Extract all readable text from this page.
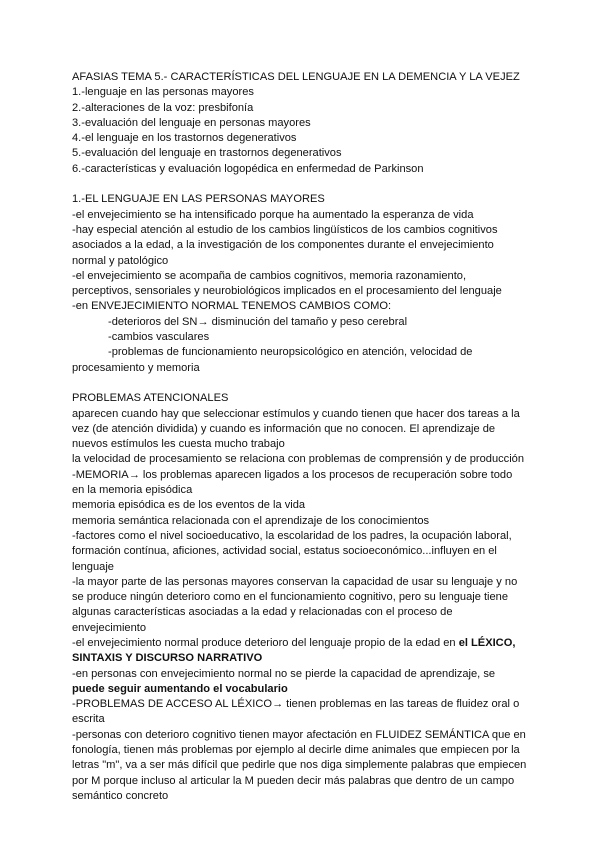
AFASIAS TEMA 5.- CARACTERÍSTICAS DEL LENGUAJE EN LA DEMENCIA Y LA VEJEZ
1.-lenguaje en las personas mayores
2.-alteraciones de la voz: presbifonía
3.-evaluación del lenguaje en personas mayores
4.-el lenguaje en los trastornos degenerativos
5.-evaluación del lenguaje en trastornos degenerativos
6.-características y evaluación logopédica en enfermedad de Parkinson
1.-EL LENGUAJE EN LAS PERSONAS MAYORES
-el envejecimiento se ha intensificado porque ha aumentado la esperanza de vida
-hay especial atención al estudio de los cambios lingüísticos de los cambios cognitivos
asociados a la edad, a la investigación de los componentes durante el envejecimiento
normal y patológico
-el envejecimiento se acompaña de cambios cognitivos, memoria razonamiento,
perceptivos, sensoriales y neurobiológicos implicados en el procesamiento del lenguaje
-en ENVEJECIMIENTO NORMAL TENEMOS CAMBIOS COMO:
-deterioros del SN→ disminución del tamaño y peso cerebral
-cambios vasculares
-problemas de funcionamiento neuropsicológico en atención, velocidad de
procesamiento y memoria
PROBLEMAS ATENCIONALES
aparecen cuando hay que seleccionar estímulos y cuando tienen que hacer dos tareas a la
vez (de atención dividida) y cuando es información que no conocen. El aprendizaje de
nuevos estímulos les cuesta mucho trabajo
la velocidad de procesamiento se relaciona con problemas de comprensión y de producción
-MEMORIA→ los problemas aparecen ligados a los procesos de recuperación sobre todo
en la memoria episódica
memoria episódica es de los eventos de la vida
memoria semántica relacionada con el aprendizaje de los conocimientos
-factores como el nivel socioeducativo, la escolaridad de los padres, la ocupación laboral,
formación contínua, aficiones, actividad social, estatus socioeconómico...influyen en el
lenguaje
-la mayor parte de las personas mayores conservan la capacidad de usar su lenguaje y no
se produce ningún deterioro como en el funcionamiento cognitivo, pero su lenguaje tiene
algunas características asociadas a la edad y relacionadas con el proceso de
envejecimiento
-el envejecimiento normal produce deterioro del lenguaje propio de la edad en el LÉXICO,
SINTAXIS Y DISCURSO NARRATIVO
-en personas con envejecimiento normal no se pierde la capacidad de aprendizaje, se
puede seguir aumentando el vocabulario
-PROBLEMAS DE ACCESO AL LÉXICO→ tienen problemas en las tareas de fluidez oral o
escrita
-personas con deterioro cognitivo tienen mayor afectación en FLUIDEZ SEMÁNTICA que en
fonología, tienen más problemas por ejemplo al decirle dime animales que empiecen por la
letras "m", va a ser más difícil que pedirle que nos diga simplemente palabras que empiecen
por M porque incluso al articular la M pueden decir más palabras que dentro de un campo
semántico concreto
